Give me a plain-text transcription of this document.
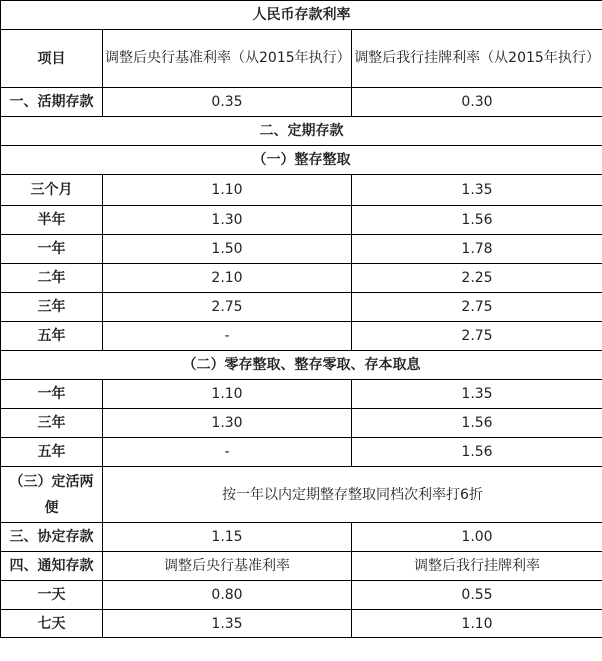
人民币存款利率		
项目	调整后央行基准利率（从2015年执行）	调整后我行挂牌利率（从2015年执行）
一、活期存款	0.35	0.30
二、定期存款		
（一）整存整取		
三个月	1.10	1.35
半年	1.30	1.56
一年	1.50	1.78
二年	2.10	2.25
三年	2.75	2.75
五年	-	2.75
（二）零存整取、整存零取、存本取息		
一年	1.10	1.35
三年	1.30	1.56
五年	-	1.56
（三）定活两便	按一年以内定期整存整取同档次利率打6折	
三、协定存款	1.15	1.00
四、通知存款	调整后央行基准利率	调整后我行挂牌利率
一天	0.80	0.55
七天	1.35	1.10
